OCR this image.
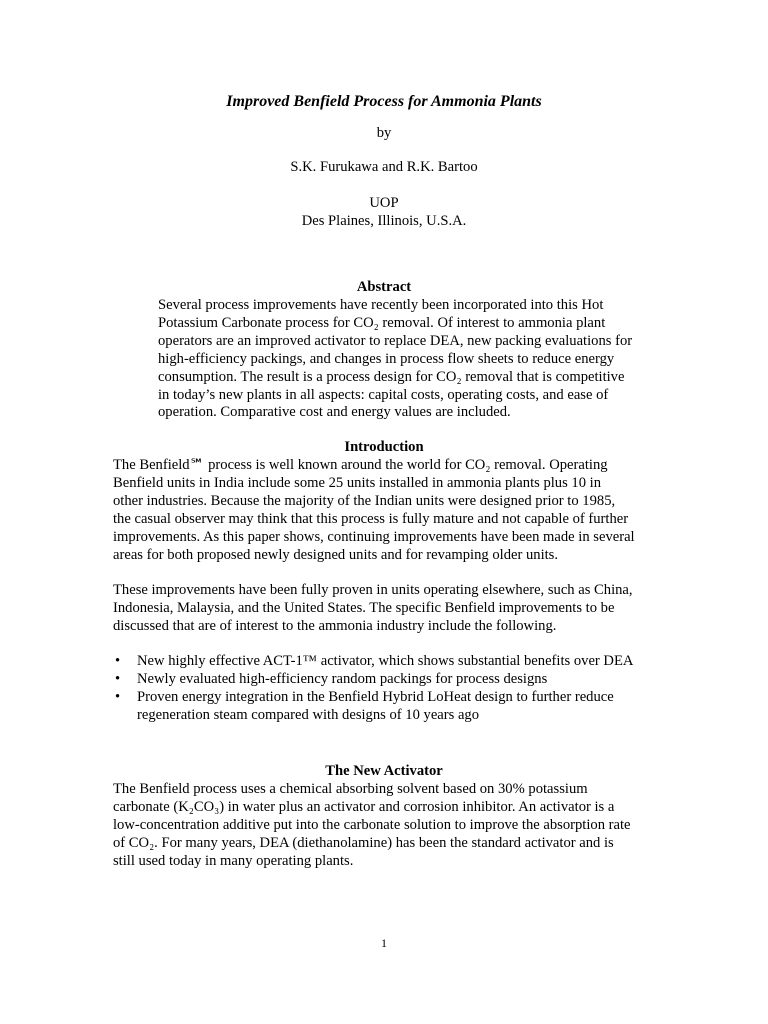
Improved Benfield Process for Ammonia Plants
by
S.K. Furukawa and R.K. Bartoo
UOP
Des Plaines, Illinois, U.S.A.
Abstract
Several process improvements have recently been incorporated into this Hot
Potassium Carbonate process for CO₂ removal. Of interest to ammonia plant
operators are an improved activator to replace DEA, new packing evaluations for
high-efficiency packings, and changes in process flow sheets to reduce energy
consumption. The result is a process design for CO₂ removal that is competitive
in today’s new plants in all aspects: capital costs, operating costs, and ease of
operation. Comparative cost and energy values are included.
Introduction
The Benfield℠ process is well known around the world for CO₂ removal. Operating
Benfield units in India include some 25 units installed in ammonia plants plus 10 in
other industries. Because the majority of the Indian units were designed prior to 1985,
the casual observer may think that this process is fully mature and not capable of further
improvements. As this paper shows, continuing improvements have been made in several
areas for both proposed newly designed units and for revamping older units.
These improvements have been fully proven in units operating elsewhere, such as China,
Indonesia, Malaysia, and the United States. The specific Benfield improvements to be
discussed that are of interest to the ammonia industry include the following.
• New highly effective ACT-1™ activator, which shows substantial benefits over DEA
• Newly evaluated high-efficiency random packings for process designs
• Proven energy integration in the Benfield Hybrid LoHeat design to further reduce
regeneration steam compared with designs of 10 years ago
The New Activator
The Benfield process uses a chemical absorbing solvent based on 30% potassium
carbonate (K₂CO₃) in water plus an activator and corrosion inhibitor. An activator is a
low-concentration additive put into the carbonate solution to improve the absorption rate
of CO₂. For many years, DEA (diethanolamine) has been the standard activator and is
still used today in many operating plants.
1
